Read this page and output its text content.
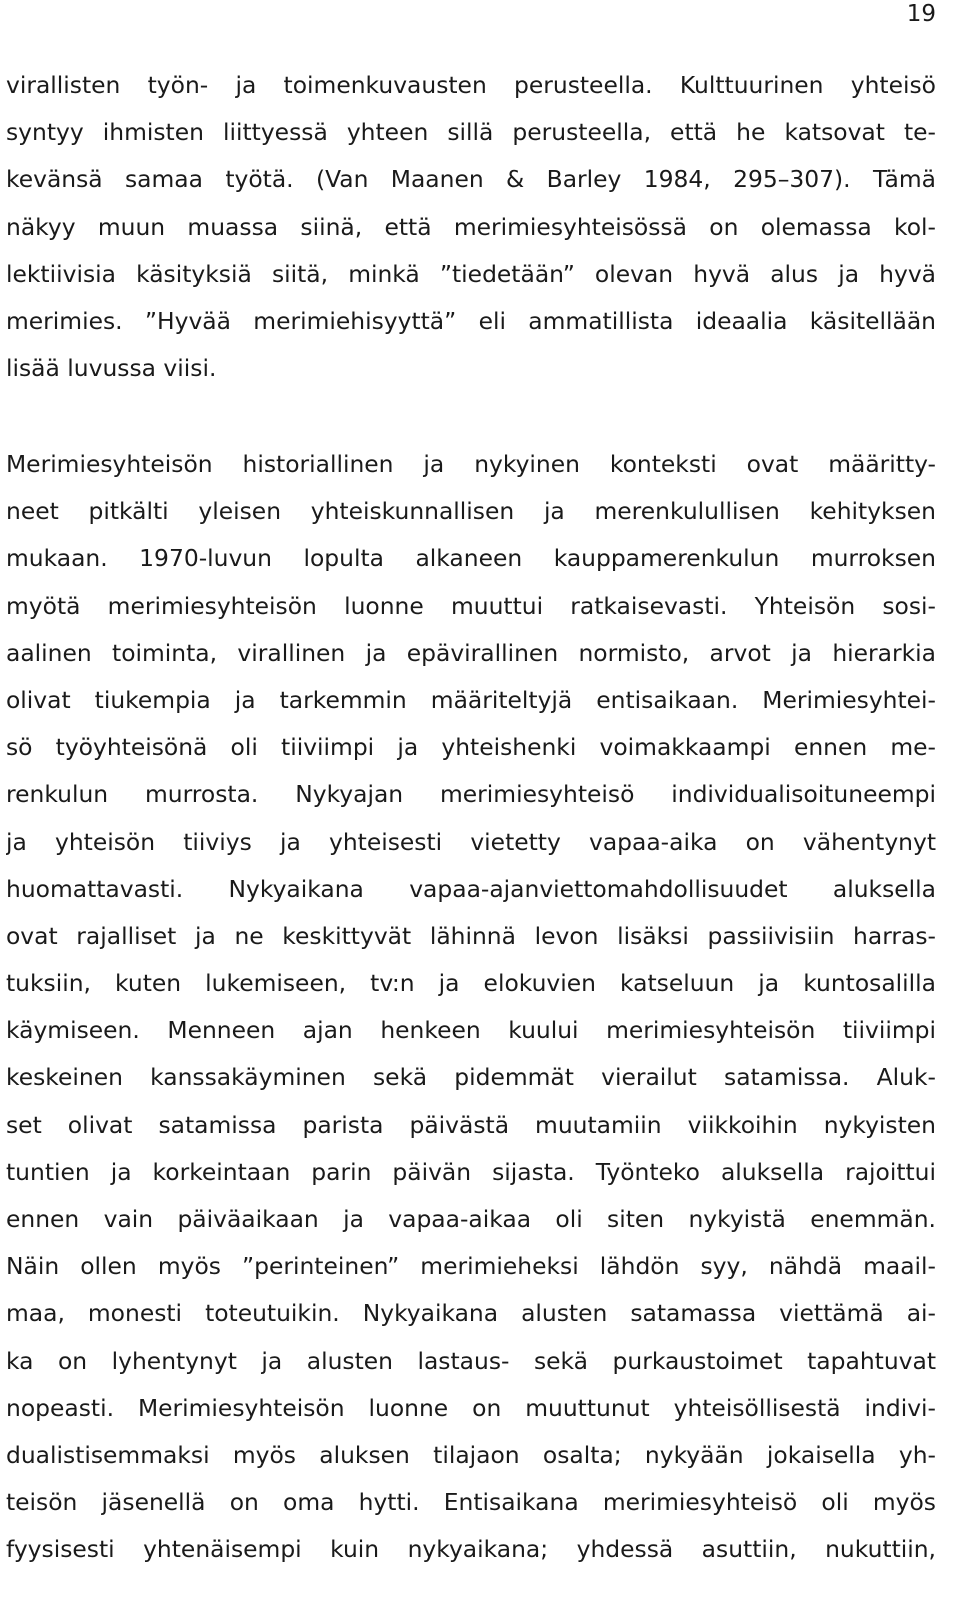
19

virallisten työn- ja toimenkuvausten perusteella. Kulttuurinen yhteisö
syntyy ihmisten liittyessä yhteen sillä perusteella, että he katsovat te-
kevänsä samaa työtä. (Van Maanen & Barley 1984, 295–307). Tämä
näkyy muun muassa siinä, että merimiesyhteisössä on olemassa kol-
lektiivisia käsityksiä siitä, minkä ”tiedetään” olevan hyvä alus ja hyvä
merimies. ”Hyvää merimiehisyyttä” eli ammatillista ideaalia käsitellään
lisää luvussa viisi.
Merimiesyhteisön historiallinen ja nykyinen konteksti ovat määritty-
neet pitkälti yleisen yhteiskunnallisen ja merenkulullisen kehityksen
mukaan. 1970-luvun lopulta alkaneen kauppamerenkulun murroksen
myötä merimiesyhteisön luonne muuttui ratkaisevasti. Yhteisön sosi-
aalinen toiminta, virallinen ja epävirallinen normisto, arvot ja hierarkia
olivat tiukempia ja tarkemmin määriteltyjä entisaikaan. Merimiesyhtei-
sö työyhteisönä oli tiiviimpi ja yhteishenki voimakkaampi ennen me-
renkulun murrosta. Nykyajan merimiesyhteisö individualisoituneempi
ja yhteisön tiiviys ja yhteisesti vietetty vapaa-aika on vähentynyt
huomattavasti. Nykyaikana vapaa-ajanviettomahdollisuudet aluksella
ovat rajalliset ja ne keskittyvät lähinnä levon lisäksi passiivisiin harras-
tuksiin, kuten lukemiseen, tv:n ja elokuvien katseluun ja kuntosalilla
käymiseen. Menneen ajan henkeen kuului merimiesyhteisön tiiviimpi
keskeinen kanssakäyminen sekä pidemmät vierailut satamissa. Aluk-
set olivat satamissa parista päivästä muutamiin viikkoihin nykyisten
tuntien ja korkeintaan parin päivän sijasta. Työnteko aluksella rajoittui
ennen vain päiväaikaan ja vapaa-aikaa oli siten nykyistä enemmän.
Näin ollen myös ”perinteinen” merimieheksi lähdön syy, nähdä maail-
maa, monesti toteutuikin. Nykyaikana alusten satamassa viettämä ai-
ka on lyhentynyt ja alusten lastaus- sekä purkaustoimet tapahtuvat
nopeasti. Merimiesyhteisön luonne on muuttunut yhteisöllisestä indivi-
dualistisemmaksi myös aluksen tilajaon osalta; nykyään jokaisella yh-
teisön jäsenellä on oma hytti. Entisaikana merimiesyhteisö oli myös
fyysisesti yhtenäisempi kuin nykyaikana; yhdessä asuttiin, nukuttiin,
